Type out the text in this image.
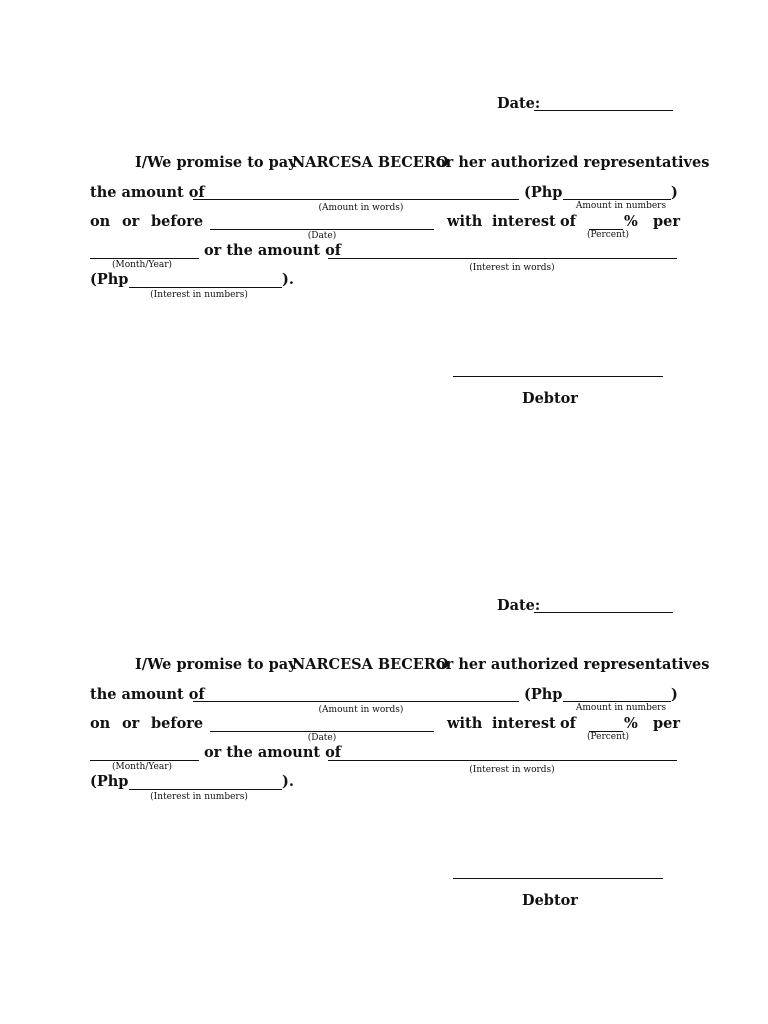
Date:
I/We promise to pay
NARCESA BECERO
or her authorized representatives
the amount of
(Amount in words)
(Php	)
Amount in numbers
on or before
(Date)
with interest of	% per
(Percent)
(Month/Year)
or the amount of
(Interest in words)
(Php	).
(Interest in numbers)
Debtor
Date:
I/We promise to pay
NARCESA BECERO
or her authorized representatives
the amount of
(Amount in words)
(Php	)
Amount in numbers
on or before
(Date)
with interest of	% per
(Percent)
(Month/Year)
or the amount of
(Interest in words)
(Php	).
(Interest in numbers)
Debtor
